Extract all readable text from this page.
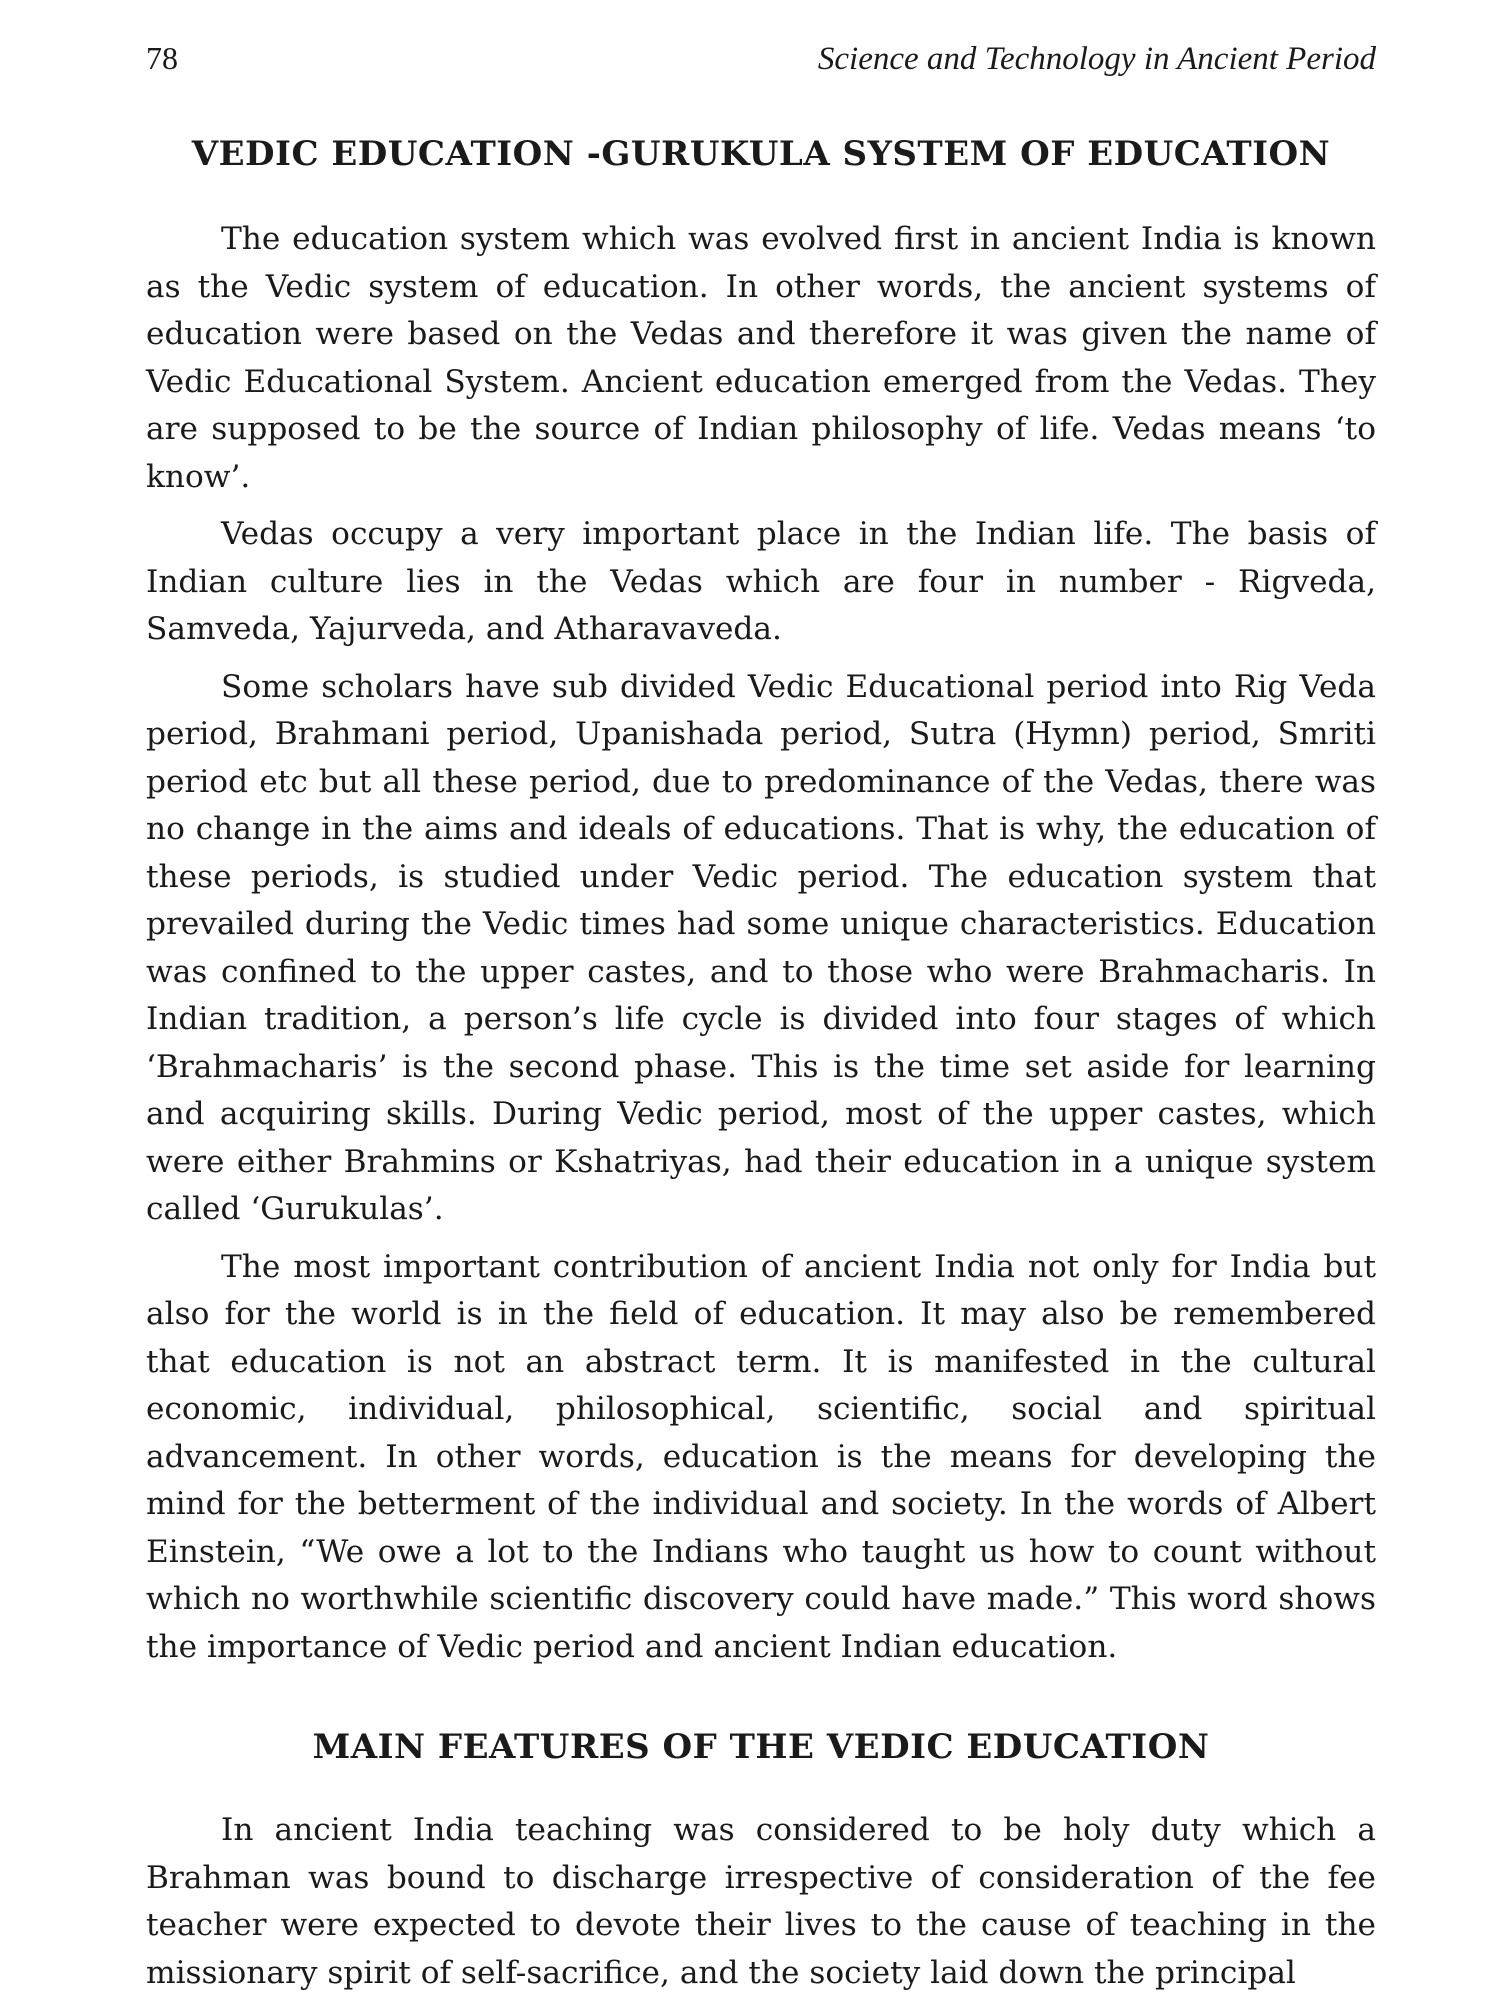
78	Science and Technology in Ancient Period
VEDIC EDUCATION -GURUKULA SYSTEM OF EDUCATION

The education system which was evolved first in ancient India is known as the Vedic system of education. In other words, the ancient systems of education were based on the Vedas and therefore it was given the name of Vedic Educational System. Ancient education emerged from the Vedas. They are supposed to be the source of Indian philosophy of life. Vedas means ‘to know’.

Vedas occupy a very important place in the Indian life. The basis of Indian culture lies in the Vedas which are four in number - Rigveda, Samveda, Yajurveda, and Atharavaveda.

Some scholars have sub divided Vedic Educational period into Rig Veda period, Brahmani period, Upanishada period, Sutra (Hymn) period, Smriti period etc but all these period, due to predominance of the Vedas, there was no change in the aims and ideals of educations. That is why, the education of these periods, is studied under Vedic period. The education system that prevailed during the Vedic times had some unique characteristics. Education was confined to the upper castes, and to those who were Brahmacharis. In Indian tradition, a person’s life cycle is divided into four stages of which ‘Brahmacharis’ is the second phase. This is the time set aside for learning and acquiring skills. During Vedic period, most of the upper castes, which were either Brahmins or Kshatriyas, had their education in a unique system called ‘Gurukulas’.

The most important contribution of ancient India not only for India but also for the world is in the field of education. It may also be remembered that education is not an abstract term. It is manifested in the cultural economic, individual, philosophical, scientific, social and spiritual advancement. In other words, education is the means for developing the mind for the betterment of the individual and society. In the words of Albert Einstein, “We owe a lot to the Indians who taught us how to count without which no worthwhile scientific discovery could have made.” This word shows the importance of Vedic period and ancient Indian education.

MAIN FEATURES OF THE VEDIC EDUCATION

In ancient India teaching was considered to be holy duty which a Brahman was bound to discharge irrespective of consideration of the fee teacher were expected to devote their lives to the cause of teaching in the missionary spirit of self-sacrifice, and the society laid down the principal
